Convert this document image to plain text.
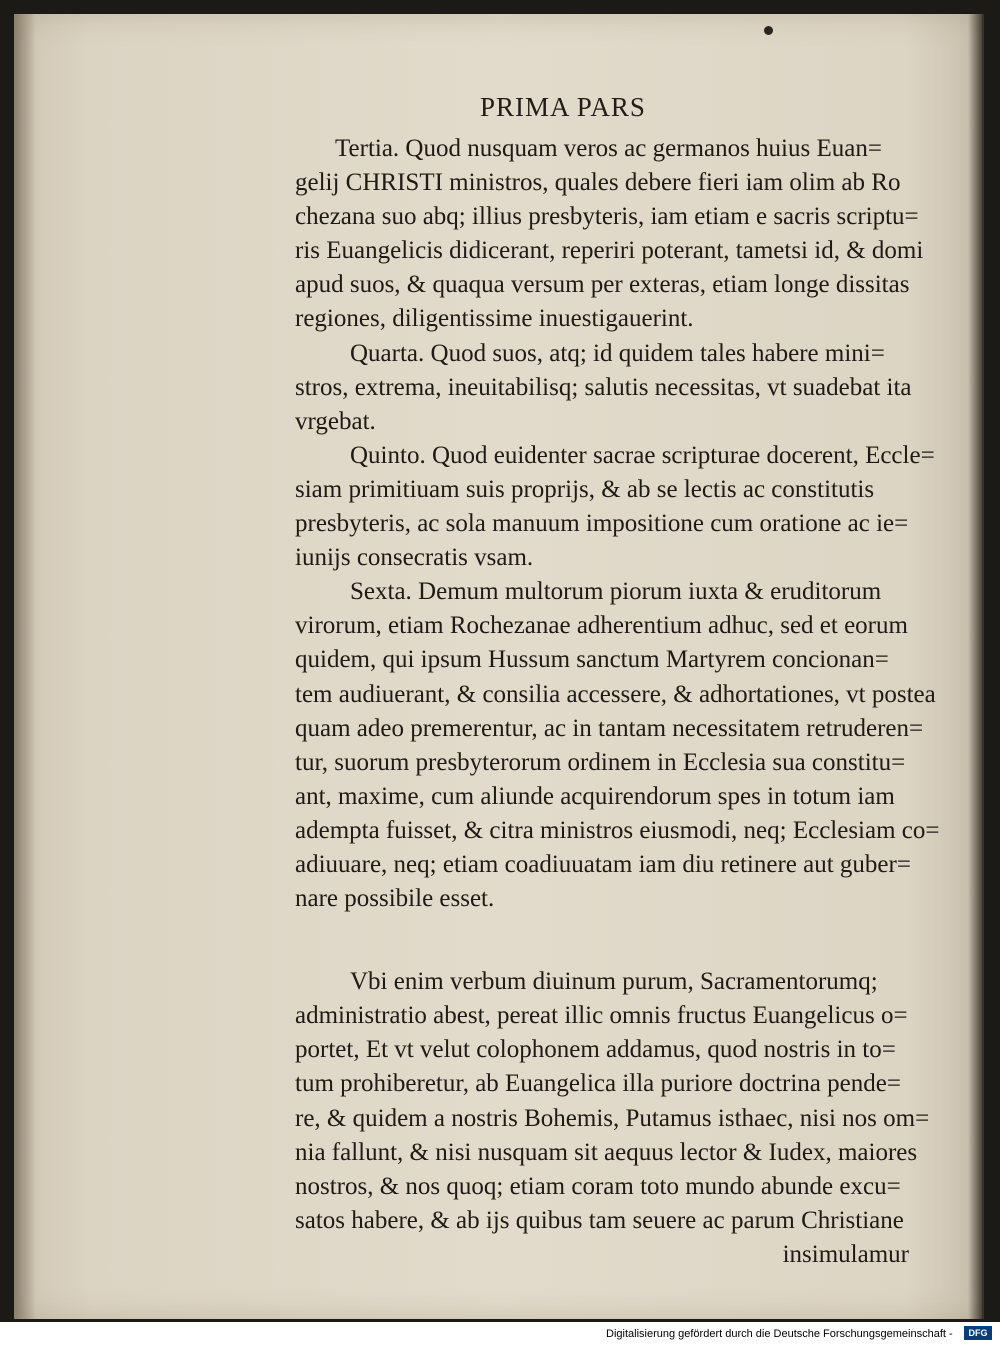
PRIMA PARS
Tertia. Quod nusquam veros ac germanos huius Euan=
gelij CHRISTI ministros, quales debere fieri iam olim ab Ro
chezana suo abq; illius presbyteris, iam etiam e sacris scriptu=
ris Euangelicis didicerant, reperiri poterant, tametsi id, & domi
apud suos, & quaqua versum per exteras, etiam longe dissitas
regiones, diligentissime inuestigauerint.
Quarta. Quod suos, atq; id quidem tales habere mini=
stros, extrema, ineuitabilisq; salutis necessitas, vt suadebat ita
vrgebat.
Quinto. Quod euidenter sacrae scripturae docerent, Eccle=
siam primitiuam suis proprijs, & ab se lectis ac constitutis
presbyteris, ac sola manuum impositione cum oratione ac ie=
iunijs consecratis vsam.
Sexta. Demum multorum piorum iuxta & eruditorum
virorum, etiam Rochezanae adherentium adhuc, sed et eorum
quidem, qui ipsum Hussum sanctum Martyrem concionan=
tem audiuerant, & consilia accessere, & adhortationes, vt postea
quam adeo premerentur, ac in tantam necessitatem retruderen=
tur, suorum presbyterorum ordinem in Ecclesia sua constitu=
ant, maxime, cum aliunde acquirendorum spes in totum iam
adempta fuisset, & citra ministros eiusmodi, neq; Ecclesiam co=
adiuuare, neq; etiam coadiuuatam iam diu retinere aut guber=
nare possibile esset.
Vbi enim verbum diuinum purum, Sacramentorumq;
administratio abest, pereat illic omnis fructus Euangelicus o=
portet, Et vt velut colophonem addamus, quod nostris in to=
tum prohiberetur, ab Euangelica illa puriore doctrina pende=
re, & quidem a nostris Bohemis, Putamus isthaec, nisi nos om=
nia fallunt, & nisi nusquam sit aequus lector & Iudex, maiores
nostros, & nos quoq; etiam coram toto mundo abunde excu=
satos habere, & ab ijs quibus tam seuere ac parum Christiane
insimulamur
Digitalisierung gefördert durch die Deutsche Forschungsgemeinschaft -	DFG
